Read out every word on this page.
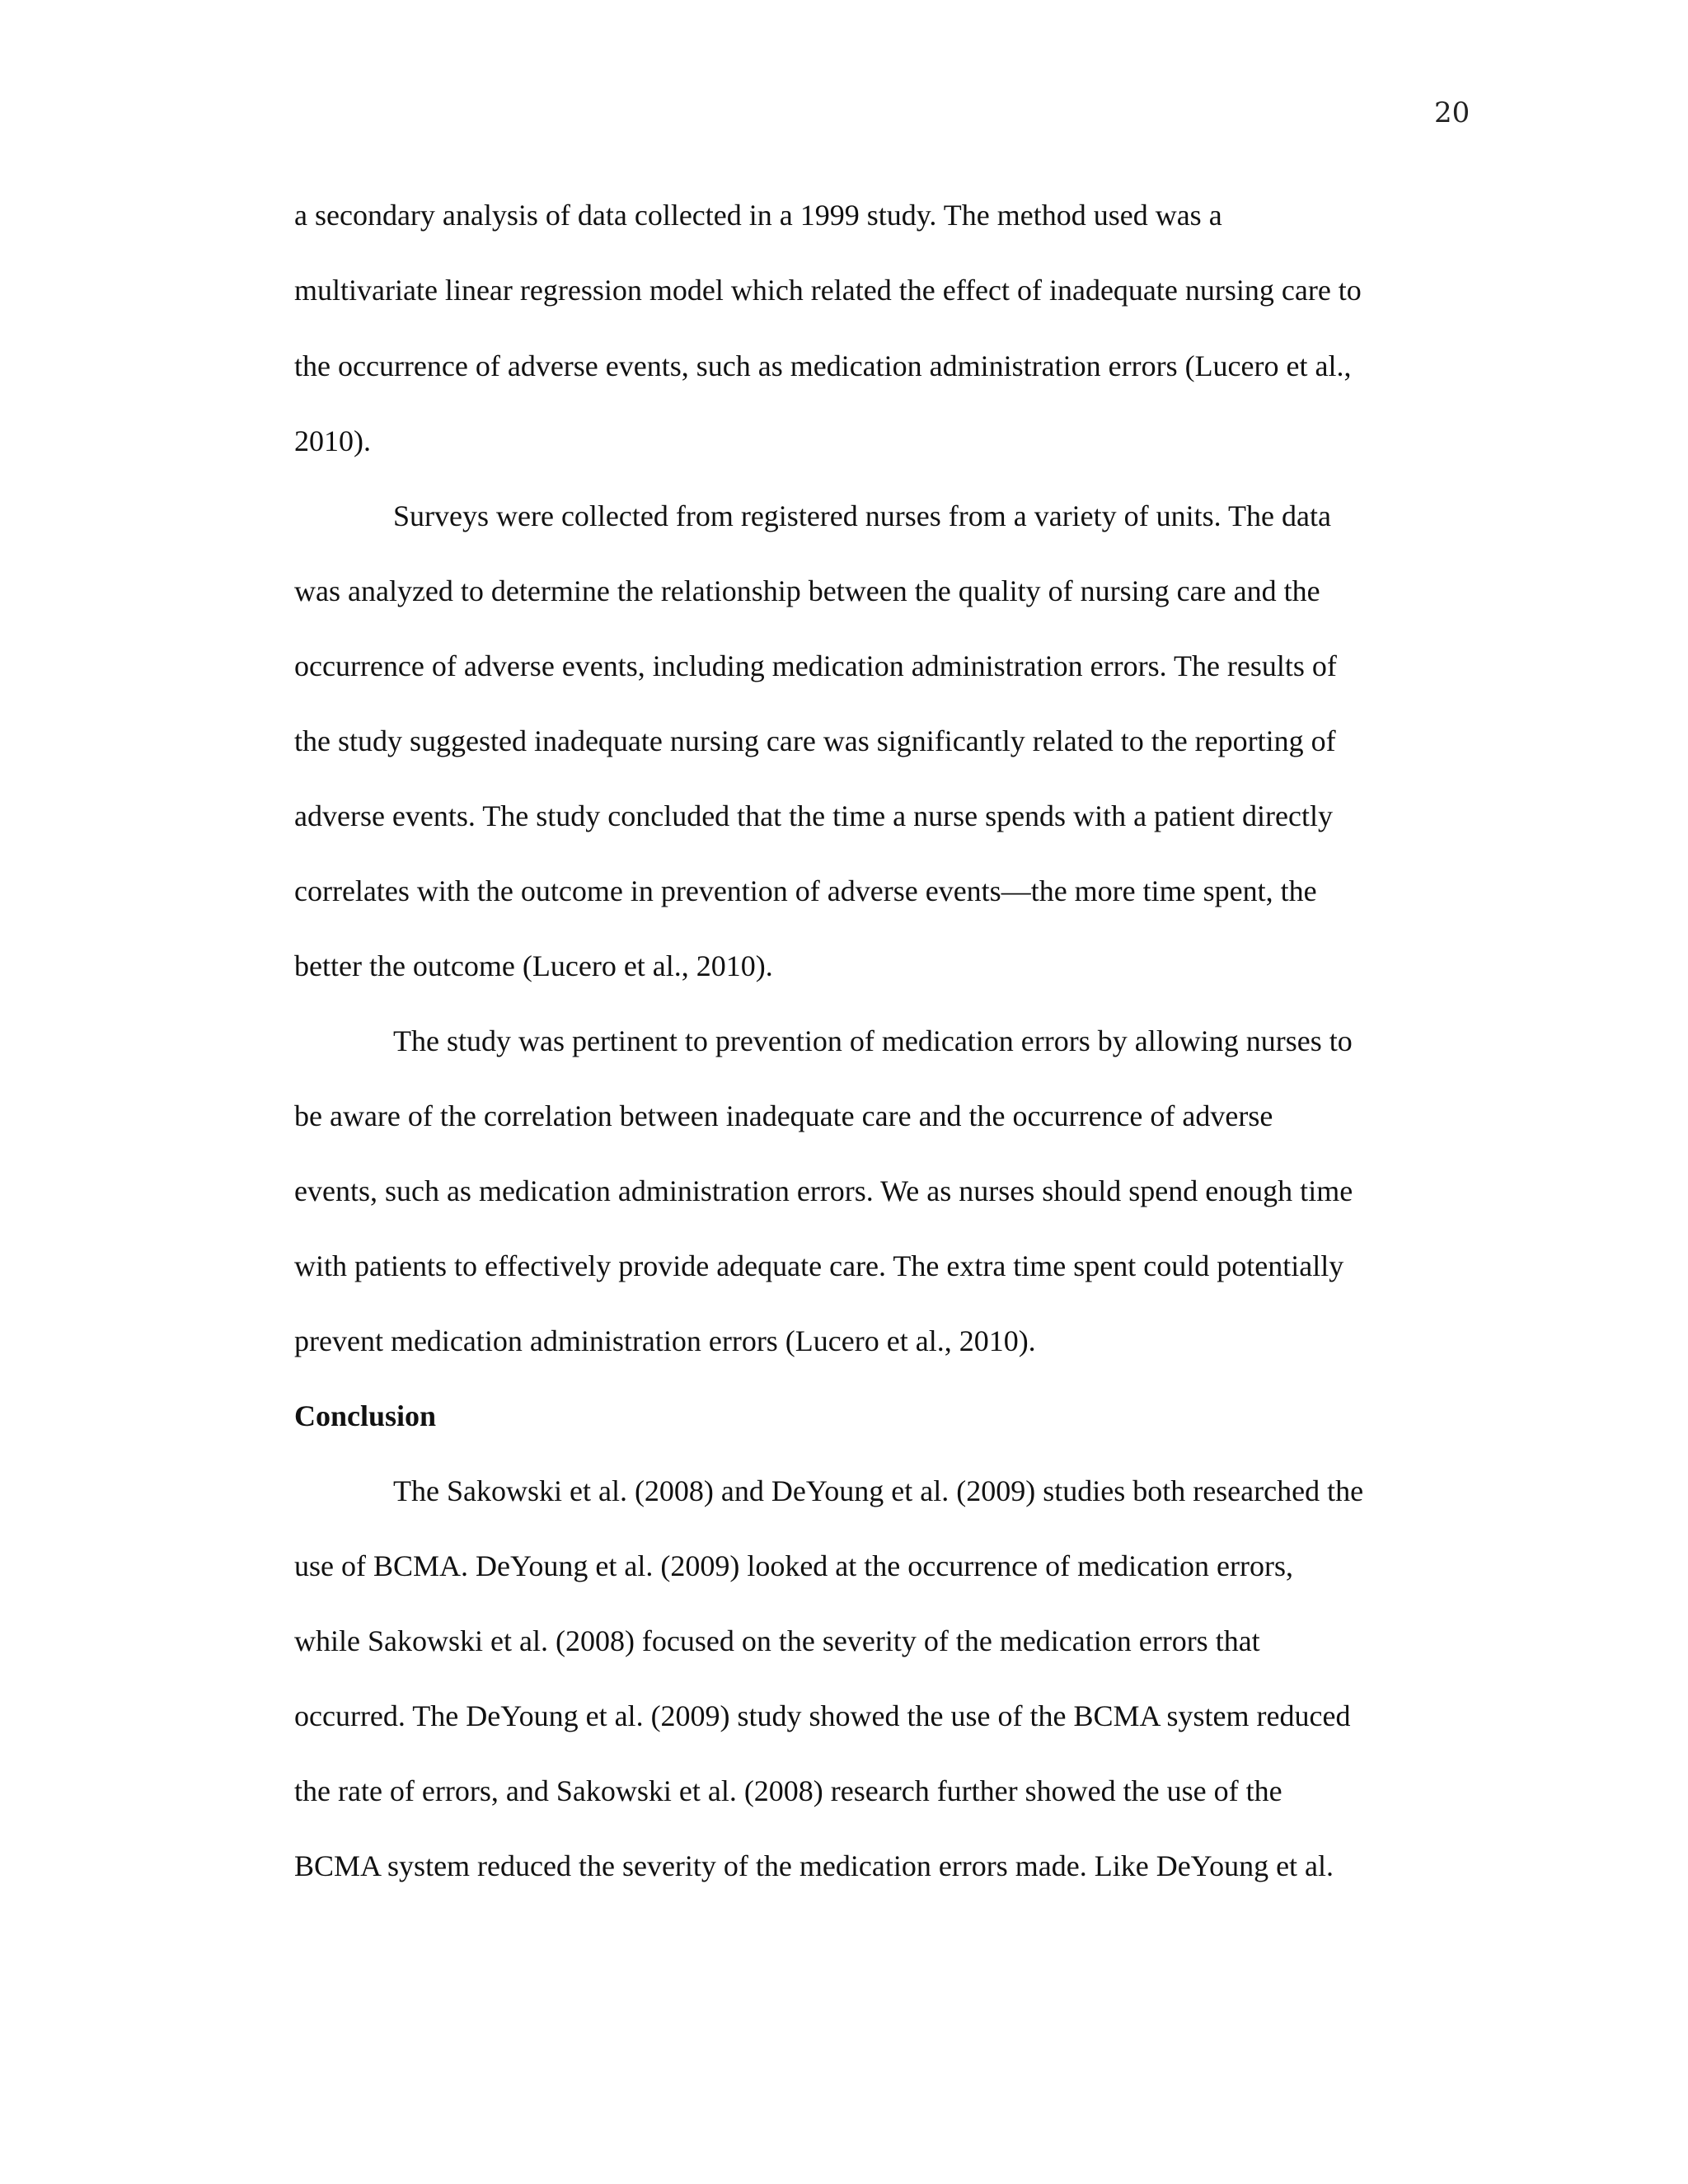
20
a secondary analysis of data collected in a 1999 study. The method used was a
multivariate linear regression model which related the effect of inadequate nursing care to
the occurrence of adverse events, such as medication administration errors (Lucero et al.,
2010).
Surveys were collected from registered nurses from a variety of units. The data
was analyzed to determine the relationship between the quality of nursing care and the
occurrence of adverse events, including medication administration errors. The results of
the study suggested inadequate nursing care was significantly related to the reporting of
adverse events. The study concluded that the time a nurse spends with a patient directly
correlates with the outcome in prevention of adverse events—the more time spent, the
better the outcome (Lucero et al., 2010).
The study was pertinent to prevention of medication errors by allowing nurses to
be aware of the correlation between inadequate care and the occurrence of adverse
events, such as medication administration errors. We as nurses should spend enough time
with patients to effectively provide adequate care. The extra time spent could potentially
prevent medication administration errors (Lucero et al., 2010).
Conclusion
The Sakowski et al. (2008) and DeYoung et al. (2009) studies both researched the
use of BCMA. DeYoung et al. (2009) looked at the occurrence of medication errors,
while Sakowski et al. (2008) focused on the severity of the medication errors that
occurred. The DeYoung et al. (2009) study showed the use of the BCMA system reduced
the rate of errors, and Sakowski et al. (2008) research further showed the use of the
BCMA system reduced the severity of the medication errors made. Like DeYoung et al.
